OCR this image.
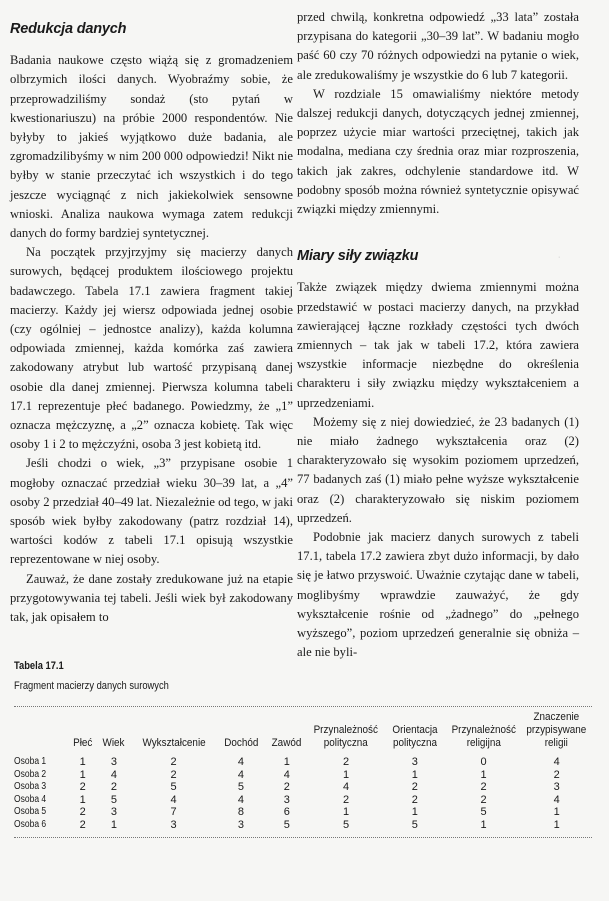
Redukcja danych

Badania naukowe często wiążą się z gromadzeniem olbrzymich ilości danych. Wyobraźmy sobie, że przeprowadziliśmy sondaż (sto pytań w kwestionariuszu) na próbie 2000 respondentów. Nie byłyby to jakieś wyjątkowo duże badania, ale zgromadzilibyśmy w nim 200 000 odpowiedzi! Nikt nie byłby w stanie przeczytać ich wszystkich i do tego jeszcze wyciągnąć z nich jakiekolwiek sensowne wnioski. Analiza naukowa wymaga zatem redukcji danych do formy bardziej syntetycznej.

Na początek przyjrzyjmy się macierzy danych surowych, będącej produktem ilościowego projektu badawczego. Tabela 17.1 zawiera fragment takiej macierzy. Każdy jej wiersz odpowiada jednej osobie (czy ogólniej – jednostce analizy), każda kolumna odpowiada zmiennej, każda komórka zaś zawiera zakodowany atrybut lub wartość przypisaną danej osobie dla danej zmiennej. Pierwsza kolumna tabeli 17.1 reprezentuje płeć badanego. Powiedzmy, że „1” oznacza mężczyznę, a „2” oznacza kobietę. Tak więc osoby 1 i 2 to mężczyźni, osoba 3 jest kobietą itd.

Jeśli chodzi o wiek, „3” przypisane osobie 1 mogłoby oznaczać przedział wieku 30–39 lat, a „4” osoby 2 przedział 40–49 lat. Niezależnie od tego, w jaki sposób wiek byłby zakodowany (patrz rozdział 14), wartości kodów z tabeli 17.1 opisują wszystkie reprezentowane w niej osoby.

Zauważ, że dane zostały zredukowane już na etapie przygotowywania tej tabeli. Jeśli wiek był zakodowany tak, jak opisałem to

przed chwilą, konkretna odpowiedź „33 lata” została przypisana do kategorii „30–39 lat”. W badaniu mogło paść 60 czy 70 różnych odpowiedzi na pytanie o wiek, ale zredukowaliśmy je wszystkie do 6 lub 7 kategorii.

W rozdziale 15 omawialiśmy niektóre metody dalszej redukcji danych, dotyczących jednej zmiennej, poprzez użycie miar wartości przeciętnej, takich jak modalna, mediana czy średnia oraz miar rozproszenia, takich jak zakres, odchylenie standardowe itd. W podobny sposób można również syntetycznie opisywać związki między zmiennymi.

Miary siły związku

Także związek między dwiema zmiennymi można przedstawić w postaci macierzy danych, na przykład zawierającej łączne rozkłady częstości tych dwóch zmiennych – tak jak w tabeli 17.2, która zawiera wszystkie informacje niezbędne do określenia charakteru i siły związku między wykształceniem a uprzedzeniami.

Możemy się z niej dowiedzieć, że 23 badanych (1) nie miało żadnego wykształcenia oraz (2) charakteryzowało się wysokim poziomem uprzedzeń, 77 badanych zaś (1) miało pełne wyższe wykształcenie oraz (2) charakteryzowało się niskim poziomem uprzedzeń.

Podobnie jak macierz danych surowych z tabeli 17.1, tabela 17.2 zawiera zbyt dużo informacji, by dało się je łatwo przyswoić. Uważnie czytając dane w tabeli, moglibyśmy wprawdzie zauważyć, że gdy wykształcenie rośnie od „żadnego” do „pełnego wyższego”, poziom uprzedzeń generalnie się obniża – ale nie byli-

Tabela 17.1
Fragment macierzy danych surowych
	Płeć	Wiek	Wykształcenie	Dochód	Zawód	Przynależność polityczna	Orientacja polityczna	Przynależność religijna	Znaczenie przypisywane religii
Osoba 1	1	3	2	4	1	2	3	0	4
Osoba 2	1	4	2	4	4	1	1	1	2
Osoba 3	2	2	5	5	2	4	2	2	3
Osoba 4	1	5	4	4	3	2	2	2	4
Osoba 5	2	3	7	8	6	1	1	5	1
Osoba 6	2	1	3	3	5	5	5	1	1
·
